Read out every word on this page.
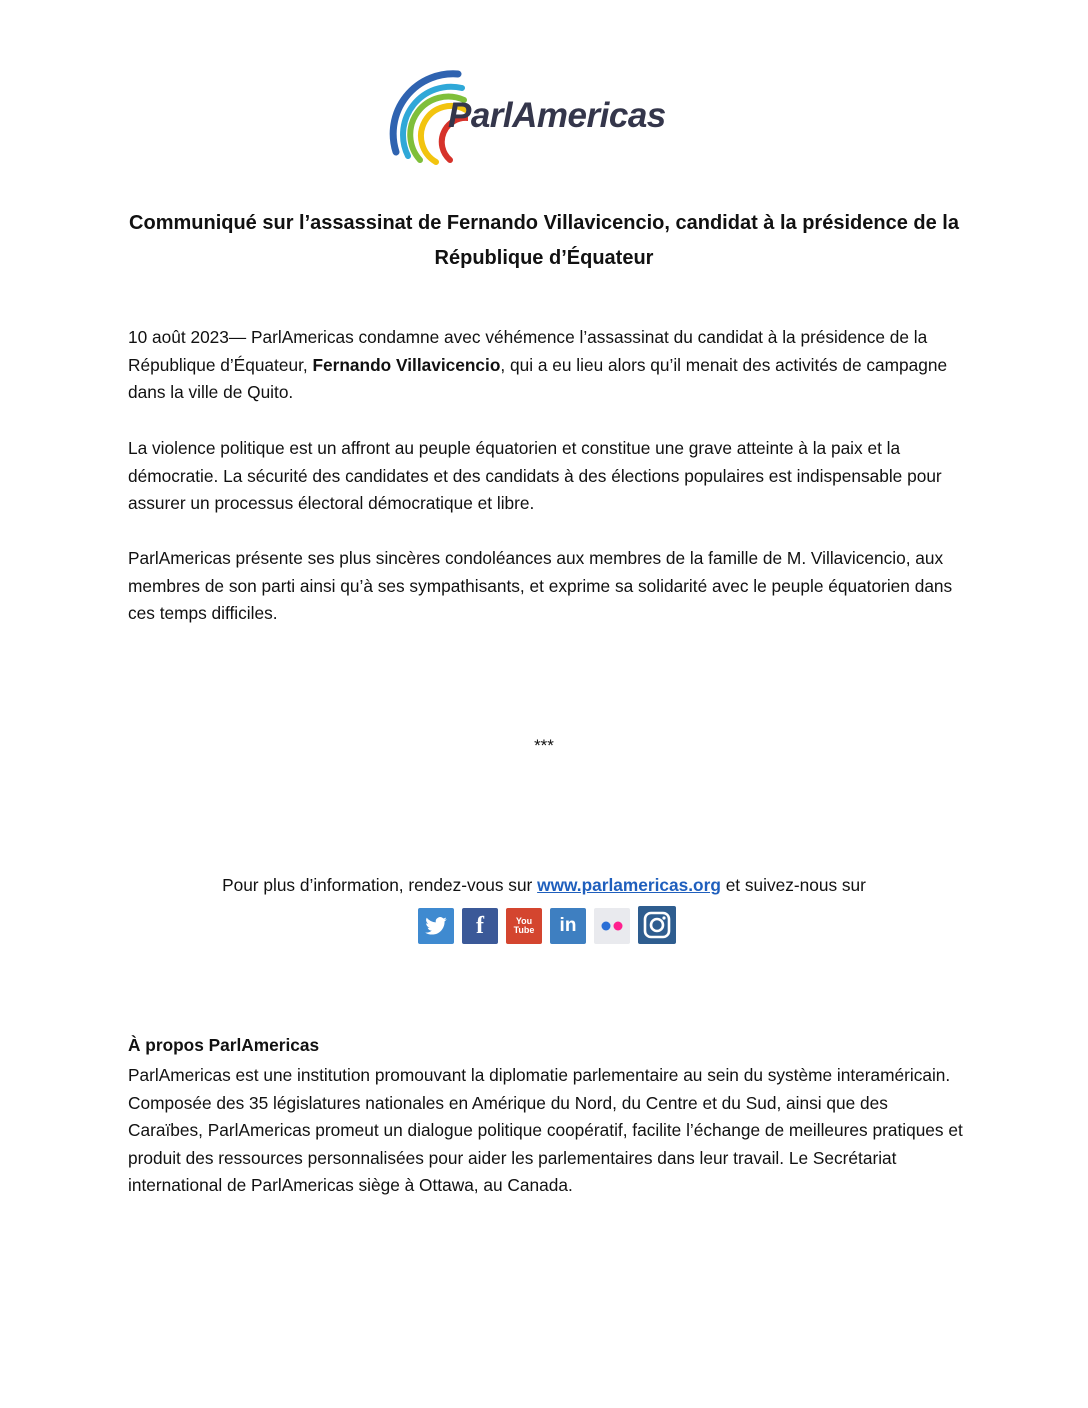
ParlAmericas
Communiqué sur l’assassinat de Fernando Villavicencio, candidat à la présidence de la République d’Équateur
10 août 2023— ParlAmericas condamne avec véhémence l’assassinat du candidat à la présidence de la République d’Équateur, Fernando Villavicencio, qui a eu lieu alors qu’il menait des activités de campagne dans la ville de Quito.
La violence politique est un affront au peuple équatorien et constitue une grave atteinte à la paix et la démocratie. La sécurité des candidates et des candidats à des élections populaires est indispensable pour assurer un processus électoral démocratique et libre.
ParlAmericas présente ses plus sincères condoléances aux membres de la famille de M. Villavicencio, aux membres de son parti ainsi qu’à ses sympathisants, et exprime sa solidarité avec le peuple équatorien dans ces temps difficiles.
***
Pour plus d’information, rendez-vous sur www.parlamericas.org et suivez-nous sur
f	You Tube	in
À propos ParlAmericas
ParlAmericas est une institution promouvant la diplomatie parlementaire au sein du système interaméricain. Composée des 35 législatures nationales en Amérique du Nord, du Centre et du Sud, ainsi que des Caraïbes, ParlAmericas promeut un dialogue politique coopératif, facilite l’échange de meilleures pratiques et produit des ressources personnalisées pour aider les parlementaires dans leur travail. Le Secrétariat international de ParlAmericas siège à Ottawa, au Canada.
